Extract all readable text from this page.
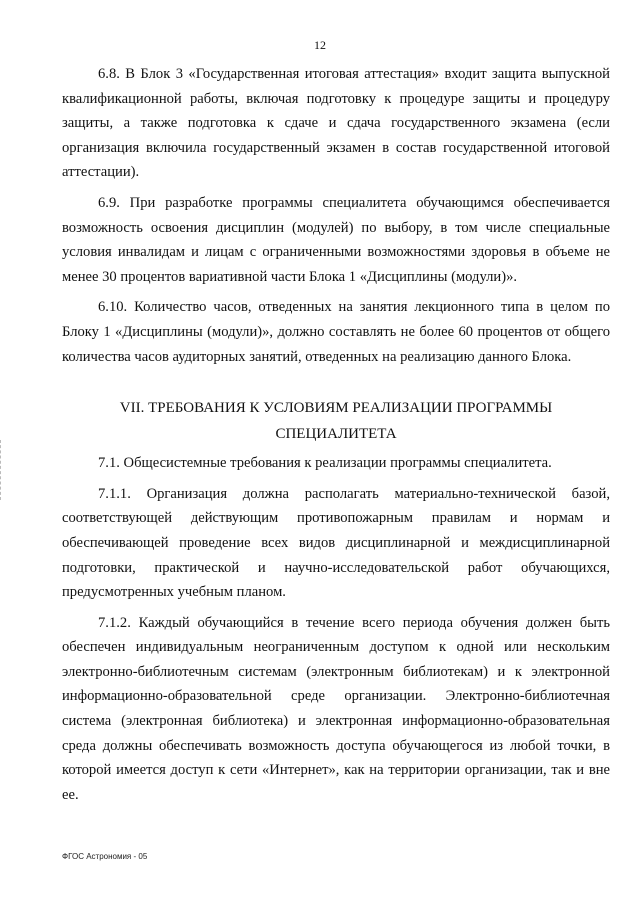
12

6.8. В Блок 3 «Государственная итоговая аттестация» входит защита выпускной квалификационной работы, включая подготовку к процедуре защиты и процедуру защиты, а также подготовка к сдаче и сдача государственного экзамена (если организация включила государственный экзамен в состав государственной итоговой аттестации).

6.9. При разработке программы специалитета обучающимся обеспечивается возможность освоения дисциплин (модулей) по выбору, в том числе специальные условия инвалидам и лицам с ограниченными возможностями здоровья в объеме не менее 30 процентов вариативной части Блока 1 «Дисциплины (модули)».

6.10. Количество часов, отведенных на занятия лекционного типа в целом по Блоку 1 «Дисциплины (модули)», должно составлять не более 60 процентов от общего количества часов аудиторных занятий, отведенных на реализацию данного Блока.

VII. ТРЕБОВАНИЯ К УСЛОВИЯМ РЕАЛИЗАЦИИ ПРОГРАММЫ
СПЕЦИАЛИТЕТА

7.1. Общесистемные требования к реализации программы специалитета.

7.1.1. Организация должна располагать материально-технической базой, соответствующей действующим противопожарным правилам и нормам и обеспечивающей проведение всех видов дисциплинарной и междисциплинарной подготовки, практической и научно-исследовательской работ обучающихся, предусмотренных учебным планом.

7.1.2. Каждый обучающийся в течение всего периода обучения должен быть обеспечен индивидуальным неограниченным доступом к одной или нескольким электронно-библиотечным системам (электронным библиотекам) и к электронной информационно-образовательной среде организации. Электронно-библиотечная система (электронная библиотека) и электронная информационно-образовательная среда должны обеспечивать возможность доступа обучающегося из любой точки, в которой имеется доступ к сети «Интернет», как на территории организации, так и вне ее.

ФГОС Астрономия - 05
